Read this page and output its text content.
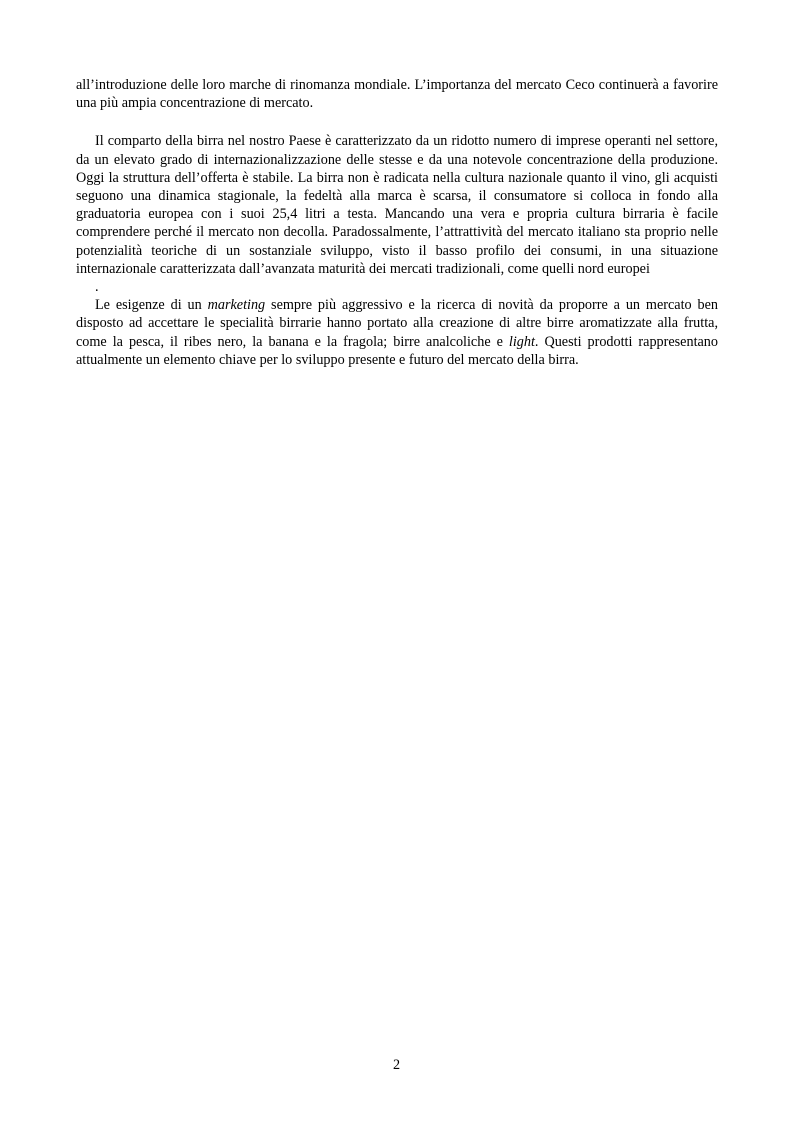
all’introduzione delle loro marche di rinomanza mondiale. L’importanza del mercato Ceco continuerà a favorire una più ampia concentrazione di mercato.

Il comparto della birra nel nostro Paese è caratterizzato da un ridotto numero di imprese operanti nel settore, da un elevato grado di internazionalizzazione delle stesse e da una notevole concentrazione della produzione. Oggi la struttura dell’offerta è stabile. La birra non è radicata nella cultura nazionale quanto il vino, gli acquisti seguono una dinamica stagionale, la fedeltà alla marca è scarsa, il consumatore si colloca in fondo alla graduatoria europea con i suoi 25,4 litri a testa. Mancando una vera e propria cultura birraria è facile comprendere perché il mercato non decolla. Paradossalmente, l’attrattività del mercato italiano sta proprio nelle potenzialità teoriche di un sostanziale sviluppo, visto il basso profilo dei consumi, in una situazione internazionale caratterizzata dall’avanzata maturità dei mercati tradizionali, come quelli nord europei

.

Le esigenze di un marketing sempre più aggressivo e la ricerca di novità da proporre a un mercato ben disposto ad accettare le specialità birrarie hanno portato alla creazione di altre birre aromatizzate alla frutta, come la pesca, il ribes nero, la banana e la fragola; birre analcoliche e light. Questi prodotti rappresentano attualmente un elemento chiave per lo sviluppo presente e futuro del mercato della birra.

2
